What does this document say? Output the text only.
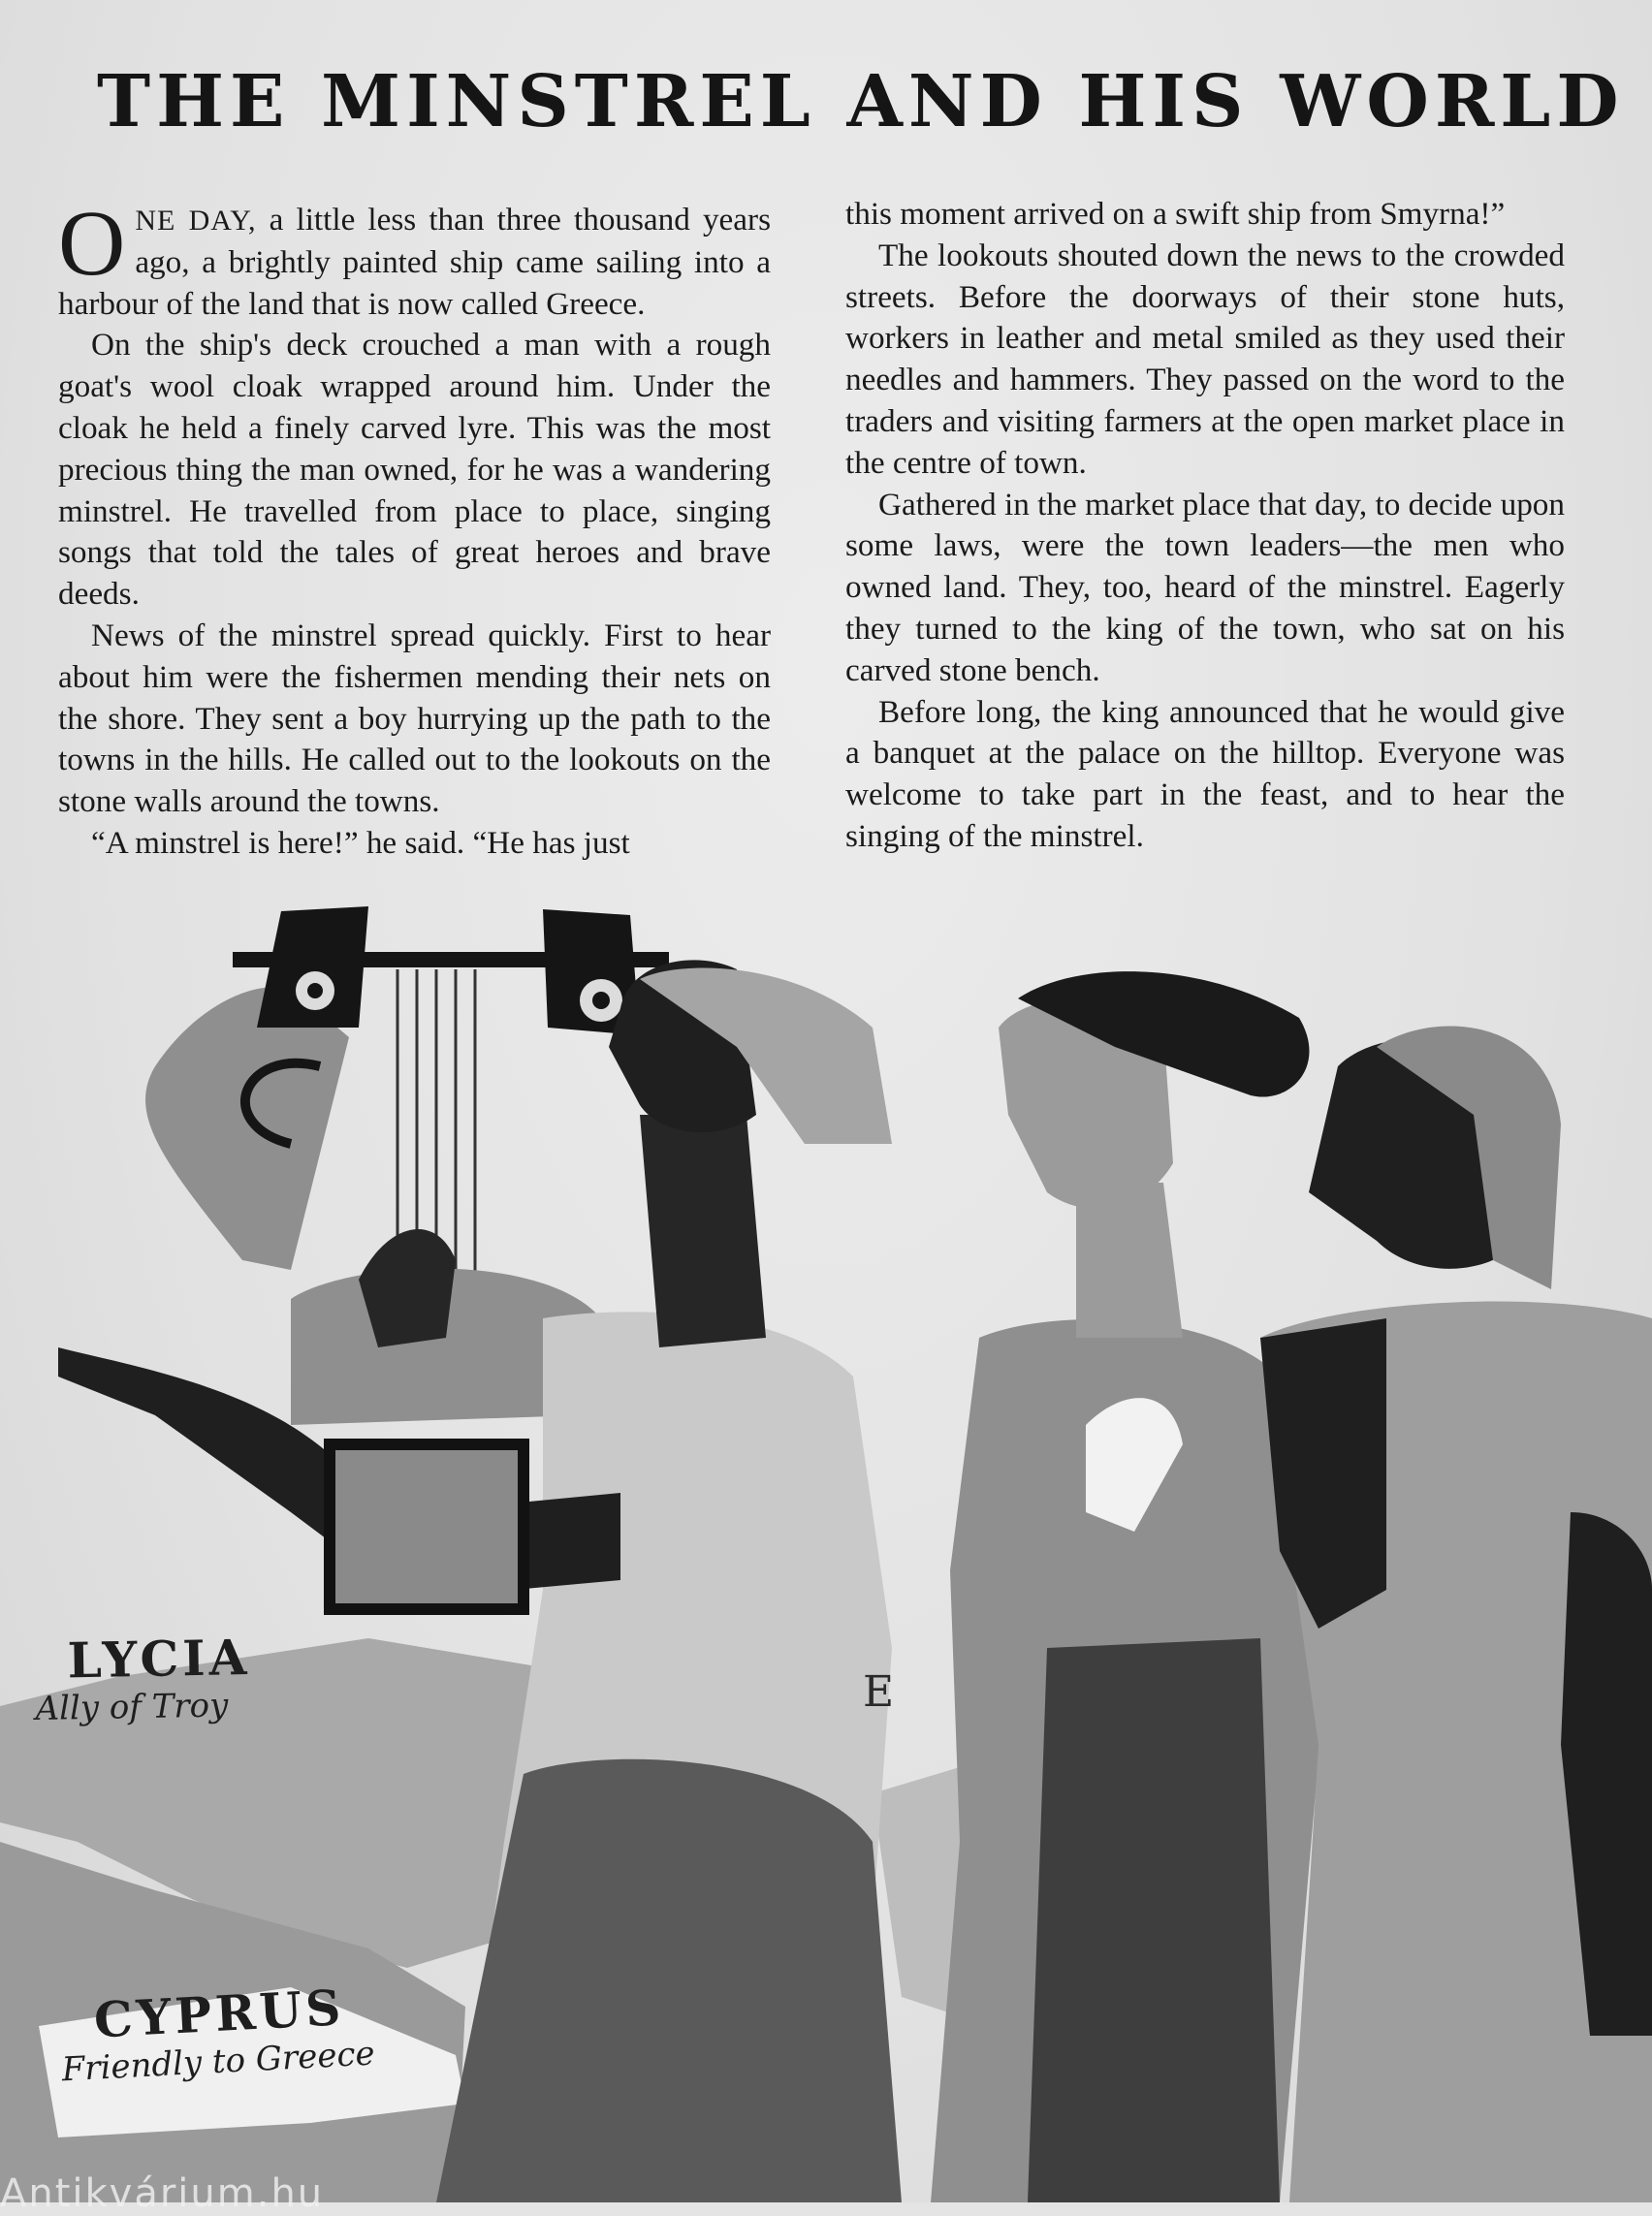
THE MINSTREL AND HIS WORLD

ONE DAY, a little less than three thousand years ago, a brightly painted ship came sailing into a harbour of the land that is now called Greece.

On the ship's deck crouched a man with a rough goat's wool cloak wrapped around him. Under the cloak he held a finely carved lyre. This was the most precious thing the man owned, for he was a wandering minstrel. He travelled from place to place, singing songs that told the tales of great heroes and brave deeds.

News of the minstrel spread quickly. First to hear about him were the fishermen mending their nets on the shore. They sent a boy hurrying up the path to the towns in the hills. He called out to the lookouts on the stone walls around the towns.

“A minstrel is here!” he said. “He has just

this moment arrived on a swift ship from Smyrna!”

The lookouts shouted down the news to the crowded streets. Before the doorways of their stone huts, workers in leather and metal smiled as they used their needles and hammers. They passed on the word to the traders and visiting farmers at the open market place in the centre of town.

Gathered in the market place that day, to decide upon some laws, were the town leaders—the men who owned land. They, too, heard of the minstrel. Eagerly they turned to the king of the town, who sat on his carved stone bench.

Before long, the king announced that he would give a banquet at the palace on the hilltop. Everyone was welcome to take part in the feast, and to hear the singing of the minstrel.

E
LYCIA
Ally of Troy
CYPRUS
Friendly to Greece
Antikvárium.hu
